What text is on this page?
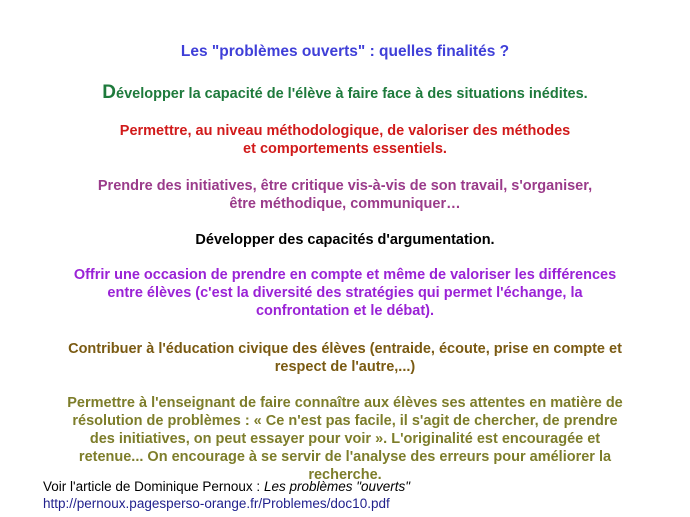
Les "problèmes ouverts" : quelles finalités ?
Développer la capacité de l'élève à faire face à des situations inédites.
Permettre, au niveau méthodologique, de valoriser des méthodes
et comportements essentiels.
Prendre des initiatives, être critique vis-à-vis de son travail, s'organiser,
être méthodique, communiquer…
Développer des capacités d'argumentation.
Offrir une occasion de prendre en compte et même de valoriser les différences
entre élèves (c'est la diversité des stratégies qui permet l'échange, la
confrontation et le débat).
Contribuer à l'éducation civique des élèves (entraide, écoute, prise en compte et
respect de l'autre,...)
Permettre à l'enseignant de faire connaître aux élèves ses attentes en matière de
résolution de problèmes : « Ce n'est pas facile, il s'agit de chercher, de prendre
des initiatives, on peut essayer pour voir ». L'originalité est encouragée et
retenue... On encourage à se servir de l'analyse des erreurs pour améliorer la
recherche.
Voir l'article de Dominique Pernoux : Les problèmes "ouverts"
http://pernoux.pagesperso-orange.fr/Problemes/doc10.pdf
